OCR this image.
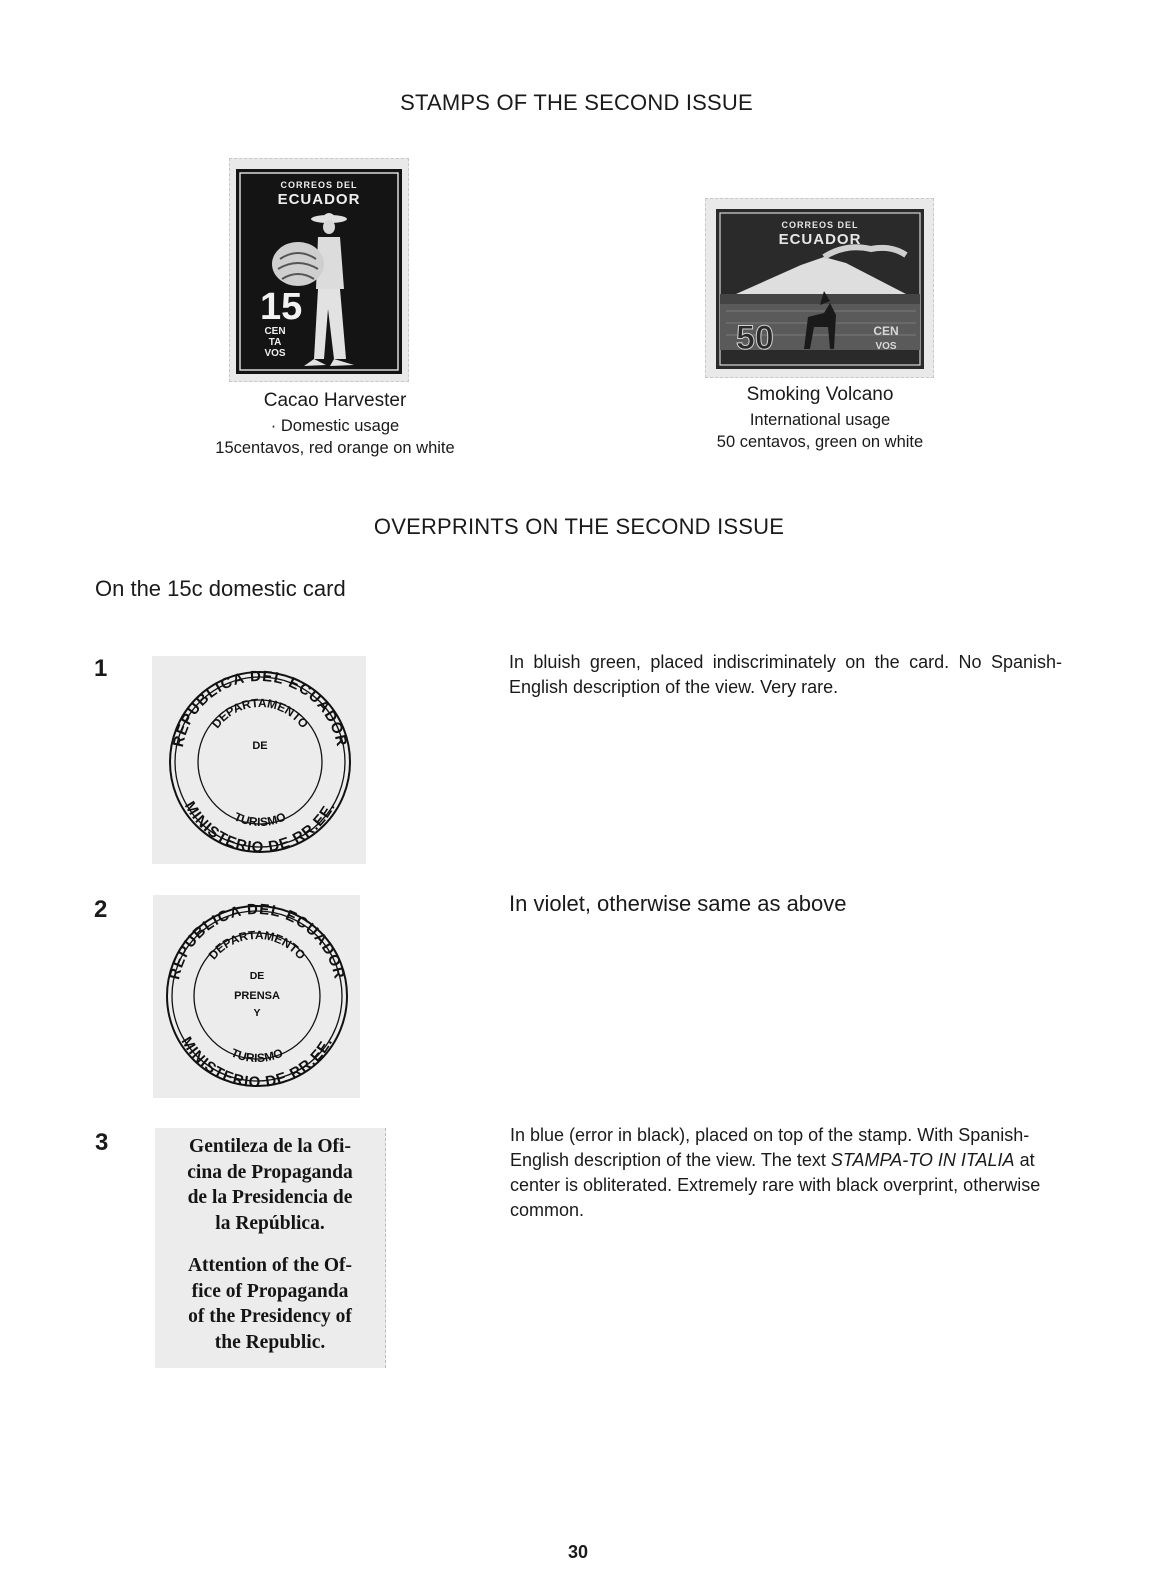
STAMPS OF THE SECOND ISSUE
CORREOS DEL
ECUADOR
15
CEN
TA
VOS
Cacao Harvester
· Domestic usage
15centavos, red orange on white
CORREOS DEL
ECUADOR
50	CEN
VOS
Smoking Volcano
International usage
50 centavos, green on white
OVERPRINTS ON THE SECOND ISSUE
On the 15c domestic card
1
REPUBLICA DEL ECUADOR
MINISTERIO DE RR.EE.
DEPARTAMENTO
TURISMO
DE
In bluish green, placed indiscriminately on the card. No Spanish-English description of the view. Very rare.
2
REPUBLICA DEL ECUADOR
MINISTERIO DE RR.EE.
DEPARTAMENTO
TURISMO
DE
PRENSA
Y
In violet, otherwise same as above
3	Gentileza de la Ofi-
cina de Propaganda
de la Presidencia de
la República.
Attention of the Of-
fice of Propaganda
of the Presidency of
the Republic.
In blue (error in black), placed on top of the stamp. With Spanish-English description of the view. The text STAMPA-TO IN ITALIA at center is obliterated. Extremely rare with black overprint, otherwise common.
30
